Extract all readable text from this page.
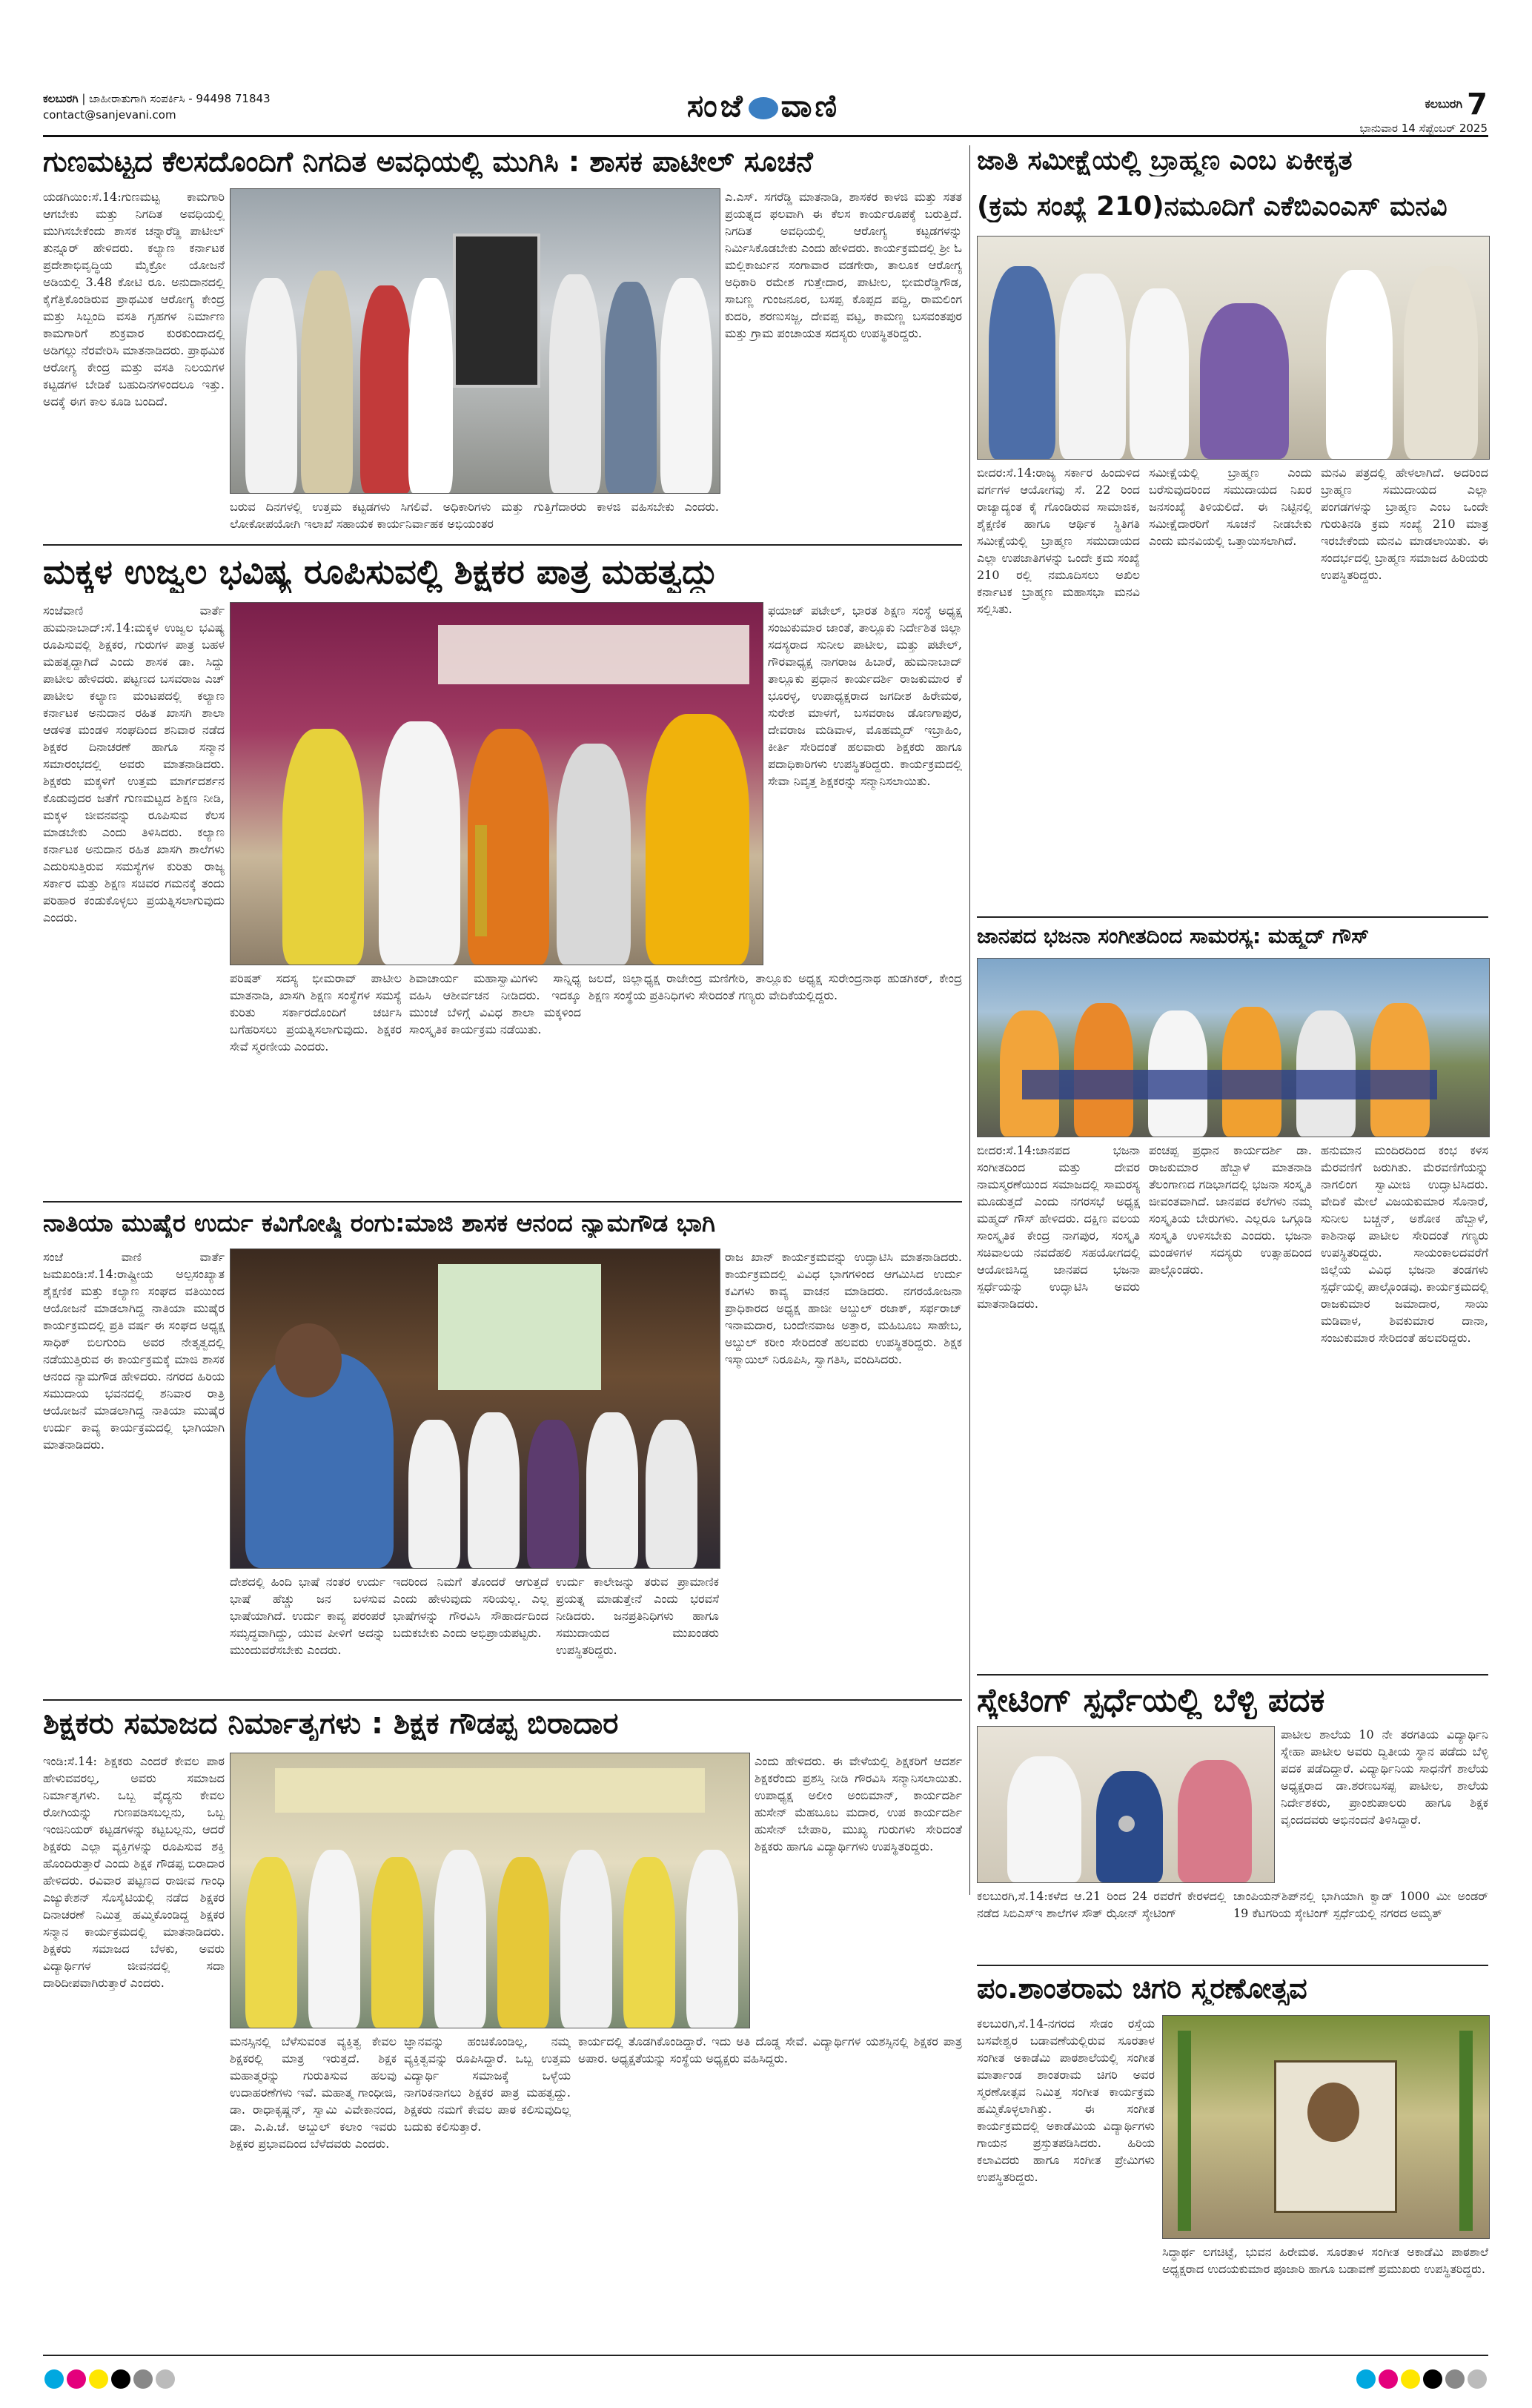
ಕಲಬುರಗಿ | ಜಾಹೀರಾತುಗಾಗಿ ಸಂಪರ್ಕಿಸಿ - 94498 71843
contact@sanjevani.com	ಸಂಜೆ ವಾಣಿ	ಕಲಬುರಗಿ 7
ಭಾನುವಾರ 14 ಸೆಪ್ಟೆಂಬರ್ 2025
ಗುಣಮಟ್ಟದ ಕೆಲಸದೊಂದಿಗೆ ನಿಗದಿತ ಅವಧಿಯಲ್ಲಿ ಮುಗಿಸಿ : ಶಾಸಕ ಪಾಟೀಲ್ ಸೂಚನೆ
ಯಡಗಿಯಿಂ:ಸೆ.14:ಗುಣಮಟ್ಟ ಕಾಮಗಾರಿ ಆಗಬೇಕು ಮತ್ತು ನಿಗದಿತ ಅವಧಿಯಲ್ಲಿ ಮುಗಿಸಬೇಕೆಂದು ಶಾಸಕ ಚನ್ನಾರೆಡ್ಡಿ ಪಾಟೀಲ್ ತುನ್ನೂರ್ ಹೇಳಿದರು. ಕಲ್ಯಾಣ ಕರ್ನಾಟಕ ಪ್ರದೇಶಾಭಿವೃದ್ಧಿಯ ಮೈಕ್ರೋ ಯೋಜನೆ ಅಡಿಯಲ್ಲಿ 3.48 ಕೋಟಿ ರೂ. ಅನುದಾನದಲ್ಲಿ ಕೈಗೆತ್ತಿಕೊಂಡಿರುವ ಪ್ರಾಥಮಿಕ ಆರೋಗ್ಯ ಕೇಂದ್ರ ಮತ್ತು ಸಿಬ್ಬಂದಿ ವಸತಿ ಗೃಹಗಳ ನಿರ್ಮಾಣ ಕಾಮಗಾರಿಗೆ ಶುಕ್ರವಾರ ಕುರಕುಂದಾದಲ್ಲಿ ಅಡಿಗಲ್ಲು ನೆರವೇರಿಸಿ ಮಾತನಾಡಿದರು. ಪ್ರಾಥಮಿಕ ಆರೋಗ್ಯ ಕೇಂದ್ರ ಮತ್ತು ವಸತಿ ನಿಲಯಗಳ ಕಟ್ಟಡಗಳ ಬೇಡಿಕೆ ಬಹುದಿನಗಳಿಂದಲೂ ಇತ್ತು. ಅದಕ್ಕೆ ಈಗ ಕಾಲ ಕೂಡಿ ಬಂದಿದೆ.
ಎ.ಎಸ್. ಸಗರೆಡ್ಡಿ ಮಾತನಾಡಿ, ಶಾಸಕರ ಕಾಳಜಿ ಮತ್ತು ಸತತ ಪ್ರಯತ್ನದ ಫಲವಾಗಿ ಈ ಕೆಲಸ ಕಾರ್ಯರೂಪಕ್ಕೆ ಬರುತ್ತಿದೆ. ನಿಗದಿತ ಅವಧಿಯಲ್ಲಿ ಆರೋಗ್ಯ ಕಟ್ಟಡಗಳನ್ನು ನಿರ್ಮಿಸಿಕೊಡಬೇಕು ಎಂದು ಹೇಳಿದರು. ಕಾರ್ಯಕ್ರಮದಲ್ಲಿ ಶ್ರೀ ಓ ಮಲ್ಲಿಕಾರ್ಜುನ ಸಂಗಾವಾರ ವಡಗೇರಾ, ತಾಲೂಕ ಆರೋಗ್ಯ ಅಧಿಕಾರಿ ರಮೇಶ ಗುತ್ತೇದಾರ, ಪಾಟೀಲ, ಭೀಮರೆಡ್ಡಿಗೌಡ, ಸಾಬಣ್ಣ ಗುಂಜನೂರ, ಬಸಪ್ಪ ಕೊಪ್ಪದ ಪದ್ದಿ, ರಾಮಲಿಂಗ ಕುದರಿ, ಶರಣುಸಜ್ಜ, ದೇವಪ್ಪ ವಟ್ಟ, ಕಾಮಣ್ಣ ಬಸವಂತಪುರ ಮತ್ತು ಗ್ರಾಮ ಪಂಚಾಯತ ಸದಸ್ಯರು ಉಪಸ್ಥಿತರಿದ್ದರು.
ಬರುವ ದಿನಗಳಲ್ಲಿ ಉತ್ತಮ ಕಟ್ಟಡಗಳು ಸಿಗಲಿವೆ. ಅಧಿಕಾರಿಗಳು ಮತ್ತು ಗುತ್ತಿಗೆದಾರರು ಕಾಳಜಿ ವಹಿಸಬೇಕು ಎಂದರು. ಲೋಕೋಪಯೋಗಿ ಇಲಾಖೆ ಸಹಾಯಕ ಕಾರ್ಯನಿರ್ವಾಹಕ ಅಭಿಯಂತರ
ಜಾತಿ ಸಮೀಕ್ಷೆಯಲ್ಲಿ ಬ್ರಾಹ್ಮಣ ಎಂಬ ಏಕೀಕೃತ
(ಕ್ರಮ ಸಂಖ್ಯೆ 210)ನಮೂದಿಗೆ ಎಕೆಬಿಎಂಎಸ್ ಮನವಿ
ಬೀದರ:ಸೆ.14:ರಾಜ್ಯ ಸರ್ಕಾರ ಹಿಂದುಳಿದ ವರ್ಗಗಳ ಆಯೋಗವು ಸೆ. 22 ರಿಂದ ರಾಜ್ಯಾದ್ಯಂತ ಕೈ ಗೊಂಡಿರುವ ಸಾಮಾಜಿಕ, ಶೈಕ್ಷಣಿಕ ಹಾಗೂ ಆರ್ಥಿಕ ಸ್ಥಿತಿಗತಿ ಸಮೀಕ್ಷೆಯಲ್ಲಿ ಬ್ರಾಹ್ಮಣ ಸಮುದಾಯದ ಎಲ್ಲಾ ಉಪಜಾತಿಗಳನ್ನು ಒಂದೇ ಕ್ರಮ ಸಂಖ್ಯೆ 210 ರಲ್ಲಿ ನಮೂದಿಸಲು ಅಖಿಲ ಕರ್ನಾಟಕ ಬ್ರಾಹ್ಮಣ ಮಹಾಸಭಾ ಮನವಿ ಸಲ್ಲಿಸಿತು.
ಸಮೀಕ್ಷೆಯಲ್ಲಿ ಬ್ರಾಹ್ಮಣ ಎಂದು ಬರೆಸುವುದರಿಂದ ಸಮುದಾಯದ ನಿಖರ ಜನಸಂಖ್ಯೆ ತಿಳಿಯಲಿದೆ. ಈ ನಿಟ್ಟಿನಲ್ಲಿ ಸಮೀಕ್ಷೆದಾರರಿಗೆ ಸೂಚನೆ ನೀಡಬೇಕು ಎಂದು ಮನವಿಯಲ್ಲಿ ಒತ್ತಾಯಿಸಲಾಗಿದೆ.
ಮನವಿ ಪತ್ರದಲ್ಲಿ ಹೇಳಲಾಗಿದೆ. ಅದರಿಂದ ಬ್ರಾಹ್ಮಣ ಸಮುದಾಯದ ಎಲ್ಲಾ ಪಂಗಡಗಳನ್ನು ಬ್ರಾಹ್ಮಣ ಎಂಬ ಒಂದೇ ಗುರುತಿನಡಿ ಕ್ರಮ ಸಂಖ್ಯೆ 210 ಮಾತ್ರ ಇರಬೇಕೆಂದು ಮನವಿ ಮಾಡಲಾಯಿತು. ಈ ಸಂದರ್ಭದಲ್ಲಿ ಬ್ರಾಹ್ಮಣ ಸಮಾಜದ ಹಿರಿಯರು ಉಪಸ್ಥಿತರಿದ್ದರು.
ಮಕ್ಕಳ ಉಜ್ವಲ ಭವಿಷ್ಯ ರೂಪಿಸುವಲ್ಲಿ ಶಿಕ್ಷಕರ ಪಾತ್ರ ಮಹತ್ವದ್ದು
ಸಂಜೆವಾಣಿ ವಾರ್ತೆ ಹುಮನಾಬಾದ್:ಸೆ.14:ಮಕ್ಕಳ ಉಜ್ವಲ ಭವಿಷ್ಯ ರೂಪಿಸುವಲ್ಲಿ ಶಿಕ್ಷಕರ, ಗುರುಗಳ ಪಾತ್ರ ಬಹಳ ಮಹತ್ವದ್ದಾಗಿದೆ ಎಂದು ಶಾಸಕ ಡಾ. ಸಿದ್ದು ಪಾಟೀಲ ಹೇಳಿದರು. ಪಟ್ಟಣದ ಬಸವರಾಜ ಎಚ್ ಪಾಟೀಲ ಕಲ್ಯಾಣ ಮಂಟಪದಲ್ಲಿ ಕಲ್ಯಾಣ ಕರ್ನಾಟಕ ಅನುದಾನ ರಹಿತ ಖಾಸಗಿ ಶಾಲಾ ಆಡಳಿತ ಮಂಡಳಿ ಸಂಘದಿಂದ ಶನಿವಾರ ನಡೆದ ಶಿಕ್ಷಕರ ದಿನಾಚರಣೆ ಹಾಗೂ ಸನ್ಮಾನ ಸಮಾರಂಭದಲ್ಲಿ ಅವರು ಮಾತನಾಡಿದರು. ಶಿಕ್ಷಕರು ಮಕ್ಕಳಿಗೆ ಉತ್ತಮ ಮಾರ್ಗದರ್ಶನ ಕೊಡುವುದರ ಜತೆಗೆ ಗುಣಮಟ್ಟದ ಶಿಕ್ಷಣ ನೀಡಿ, ಮಕ್ಕಳ ಜೀವನವನ್ನು ರೂಪಿಸುವ ಕೆಲಸ ಮಾಡಬೇಕು ಎಂದು ತಿಳಿಸಿದರು. ಕಲ್ಯಾಣ ಕರ್ನಾಟಕ ಅನುದಾನ ರಹಿತ ಖಾಸಗಿ ಶಾಲೆಗಳು ಎದುರಿಸುತ್ತಿರುವ ಸಮಸ್ಯೆಗಳ ಕುರಿತು ರಾಜ್ಯ ಸರ್ಕಾರ ಮತ್ತು ಶಿಕ್ಷಣ ಸಚಿವರ ಗಮನಕ್ಕೆ ತಂದು ಪರಿಹಾರ ಕಂಡುಕೊಳ್ಳಲು ಪ್ರಯತ್ನಿಸಲಾಗುವುದು ಎಂದರು.
ಫಯಾಜ್ ಪಟೇಲ್, ಭಾರತ ಶಿಕ್ಷಣ ಸಂಸ್ಥೆ ಅಧ್ಯಕ್ಷ ಸಂಜುಕುಮಾರ ಜಾಂತೆ, ತಾಲ್ಲೂಕು ನಿರ್ದೇಶಿತ ಜಿಲ್ಲಾ ಸದಸ್ಯರಾದ ಸುನೀಲ ಪಾಟೀಲ, ಮತ್ತು ಪಟೇಲ್, ಗೌರವಾಧ್ಯಕ್ಷ ನಾಗರಾಜ ಹಿಬಾರೆ, ಹುಮನಾಬಾದ್ ತಾಲ್ಲೂಕು ಪ್ರಧಾನ ಕಾರ್ಯದರ್ಶಿ ರಾಜಕುಮಾರ ಕೆ ಭೂರಳ್ಳ, ಉಪಾಧ್ಯಕ್ಷರಾದ ಜಗದೀಶ ಹಿರೇಮಠ, ಸುರೇಶ ಮಾಳಗೆ, ಬಸವರಾಜ ಡೊಣಗಾಪುರ, ದೇವರಾಜ ಮಡಿವಾಳ, ಮೊಹಮ್ಮದ್ ಇಬ್ರಾಹಿಂ, ಕೀರ್ತಿ ಸೇರಿದಂತೆ ಹಲವಾರು ಶಿಕ್ಷಕರು ಹಾಗೂ ಪದಾಧಿಕಾರಿಗಳು ಉಪಸ್ಥಿತರಿದ್ದರು. ಕಾರ್ಯಕ್ರಮದಲ್ಲಿ ಸೇವಾ ನಿವೃತ್ತ ಶಿಕ್ಷಕರನ್ನು ಸನ್ಮಾನಿಸಲಾಯಿತು.
ಪರಿಷತ್ ಸದಸ್ಯ ಭೀಮರಾವ್ ಪಾಟೀಲ ಮಾತನಾಡಿ, ಖಾಸಗಿ ಶಿಕ್ಷಣ ಸಂಸ್ಥೆಗಳ ಸಮಸ್ಯೆ ಕುರಿತು ಸರ್ಕಾರದೊಂದಿಗೆ ಚರ್ಚಿಸಿ ಬಗೆಹರಿಸಲು ಪ್ರಯತ್ನಿಸಲಾಗುವುದು. ಶಿಕ್ಷಕರ ಸೇವೆ ಸ್ಮರಣೀಯ ಎಂದರು.
ಶಿವಾಚಾರ್ಯ ಮಹಾಸ್ವಾಮಿಗಳು ಸಾನ್ನಿಧ್ಯ ವಹಿಸಿ ಆಶೀರ್ವಚನ ನೀಡಿದರು. ಇದಕ್ಕೂ ಮುಂಚೆ ಬೆಳಿಗ್ಗೆ ವಿವಿಧ ಶಾಲಾ ಮಕ್ಕಳಿಂದ ಸಾಂಸ್ಕೃತಿಕ ಕಾರ್ಯಕ್ರಮ ನಡೆಯಿತು.
ಜಲದೆ, ಜಿಲ್ಲಾಧ್ಯಕ್ಷ ರಾಜೇಂದ್ರ ಮಣಿಗೇರಿ, ತಾಲ್ಲೂಕು ಅಧ್ಯಕ್ಷ ಸುರೇಂದ್ರನಾಥ ಹುಡಗಿಕರ್, ಕೇಂದ್ರ ಶಿಕ್ಷಣ ಸಂಸ್ಥೆಯ ಪ್ರತಿನಿಧಿಗಳು ಸೇರಿದಂತೆ ಗಣ್ಯರು ವೇದಿಕೆಯಲ್ಲಿದ್ದರು.
ಜಾನಪದ ಭಜನಾ ಸಂಗೀತದಿಂದ ಸಾಮರಸ್ಯ: ಮಹ್ಮದ್ ಗೌಸ್
ಬೀದರ:ಸೆ.14:ಜಾನಪದ ಭಜನಾ ಸಂಗೀತದಿಂದ ಮತ್ತು ದೇವರ ನಾಮಸ್ಮರಣೆಯಿಂದ ಸಮಾಜದಲ್ಲಿ ಸಾಮರಸ್ಯ ಮೂಡುತ್ತದೆ ಎಂದು ನಗರಸಭೆ ಅಧ್ಯಕ್ಷ ಮಹ್ಮದ್ ಗೌಸ್ ಹೇಳಿದರು. ದಕ್ಷಿಣ ವಲಯ ಸಾಂಸ್ಕೃತಿಕ ಕೇಂದ್ರ ನಾಗಪುರ, ಸಂಸ್ಕೃತಿ ಸಚಿವಾಲಯ ನವದೆಹಲಿ ಸಹಯೋಗದಲ್ಲಿ ಆಯೋಜಿಸಿದ್ದ ಜಾನಪದ ಭಜನಾ ಸ್ಪರ್ಧೆಯನ್ನು ಉದ್ಘಾಟಿಸಿ ಅವರು ಮಾತನಾಡಿದರು.
ಪಂಚಪ್ಪ ಪ್ರಧಾನ ಕಾರ್ಯದರ್ಶಿ ಡಾ. ರಾಜಕುಮಾರ ಹೆಬ್ಬಾಳೆ ಮಾತನಾಡಿ ತೆಲಂಗಾಣದ ಗಡಿಭಾಗದಲ್ಲಿ ಭಜನಾ ಸಂಸ್ಕೃತಿ ಜೀವಂತವಾಗಿದೆ. ಜಾನಪದ ಕಲೆಗಳು ನಮ್ಮ ಸಂಸ್ಕೃತಿಯ ಬೇರುಗಳು. ಎಲ್ಲರೂ ಒಗ್ಗೂಡಿ ಸಂಸ್ಕೃತಿ ಉಳಿಸಬೇಕು ಎಂದರು. ಭಜನಾ ಮಂಡಳಿಗಳ ಸದಸ್ಯರು ಉತ್ಸಾಹದಿಂದ ಪಾಲ್ಗೊಂಡರು.
ಹನುಮಾನ ಮಂದಿರದಿಂದ ಕಂಭ ಕಳಸ ಮೆರವಣಿಗೆ ಜರುಗಿತು. ಮೆರವಣಿಗೆಯನ್ನು ನಾಗಲಿಂಗ ಸ್ವಾಮೀಜಿ ಉದ್ಘಾಟಿಸಿದರು. ವೇದಿಕೆ ಮೇಲೆ ವಿಜಯಕುಮಾರ ಸೊನಾರೆ, ಸುನೀಲ ಬಚ್ಚನ್, ಅಶೋಕ ಹೆಬ್ಬಾಳೆ, ಕಾಶಿನಾಥ ಪಾಟೀಲ ಸೇರಿದಂತೆ ಗಣ್ಯರು ಉಪಸ್ಥಿತರಿದ್ದರು. ಸಾಯಂಕಾಲದವರೆಗೆ ಜಿಲ್ಲೆಯ ವಿವಿಧ ಭಜನಾ ತಂಡಗಳು ಸ್ಪರ್ಧೆಯಲ್ಲಿ ಪಾಲ್ಗೊಂಡವು. ಕಾರ್ಯಕ್ರಮದಲ್ಲಿ ರಾಜಕುಮಾರ ಜಮಾದಾರ, ಸಾಯಿ ಮಡಿವಾಳ, ಶಿವಕುಮಾರ ದಾನಾ, ಸಂಜುಕುಮಾರ ಸೇರಿದಂತೆ ಹಲವರಿದ್ದರು.
ನಾತಿಯಾ ಮುಷೈರ ಉರ್ದು ಕವಿಗೋಷ್ಠಿ ರಂಗು:ಮಾಜಿ ಶಾಸಕ ಆನಂದ ನ್ಯಾಮಗೌಡ ಭಾಗಿ
ಸಂಜೆ ವಾಣಿ ವಾರ್ತೆ ಜಮಖಂಡಿ:ಸೆ.14:ರಾಷ್ಟ್ರೀಯ ಅಲ್ಪಸಂಖ್ಯಾತ ಶೈಕ್ಷಣಿಕ ಮತ್ತು ಕಲ್ಯಾಣ ಸಂಘದ ವತಿಯಿಂದ ಆಯೋಜನೆ ಮಾಡಲಾಗಿದ್ದ ನಾತಿಯಾ ಮುಷೈರ ಕಾರ್ಯಕ್ರಮದಲ್ಲಿ ಪ್ರತಿ ವರ್ಷ ಈ ಸಂಘದ ಅಧ್ಯಕ್ಷ ಸಾಧಿಕ್ ಬಿಲಗುಂದಿ ಅವರ ನೇತೃತ್ವದಲ್ಲಿ ನಡೆಯುತ್ತಿರುವ ಈ ಕಾರ್ಯಕ್ರಮಕ್ಕೆ ಮಾಜಿ ಶಾಸಕ ಆನಂದ ನ್ಯಾಮಗೌಡ ಹೇಳಿದರು. ನಗರದ ಹಿರಿಯ ಸಮುದಾಯ ಭವನದಲ್ಲಿ ಶನಿವಾರ ರಾತ್ರಿ ಆಯೋಜನೆ ಮಾಡಲಾಗಿದ್ದ ನಾತಿಯಾ ಮುಷೈರ ಉರ್ದು ಕಾವ್ಯ ಕಾರ್ಯಕ್ರಮದಲ್ಲಿ ಭಾಗಿಯಾಗಿ ಮಾತನಾಡಿದರು.
ರಾಜ ಖಾನ್ ಕಾರ್ಯಕ್ರಮವನ್ನು ಉದ್ಘಾಟಿಸಿ ಮಾತನಾಡಿದರು. ಕಾರ್ಯಕ್ರಮದಲ್ಲಿ ವಿವಿಧ ಭಾಗಗಳಿಂದ ಆಗಮಿಸಿದ ಉರ್ದು ಕವಿಗಳು ಕಾವ್ಯ ವಾಚನ ಮಾಡಿದರು. ನಗರಯೋಜನಾ ಪ್ರಾಧಿಕಾರದ ಅಧ್ಯಕ್ಷ ಹಾಜೀ ಅಬ್ದುಲ್ ರಜಾಕ್, ಸರ್ಫರಾಜ್ ಇನಾಮದಾರ, ಬಂದೇನವಾಜ ಅತ್ತಾರ, ಮಹಿಬೂಬ ಸಾಹೇಬ, ಅಬ್ದುಲ್ ಕರೀಂ ಸೇರಿದಂತೆ ಹಲವರು ಉಪಸ್ಥಿತರಿದ್ದರು. ಶಿಕ್ಷಕ ಇಸ್ಮಾಯಿಲ್ ನಿರೂಪಿಸಿ, ಸ್ವಾಗತಿಸಿ, ವಂದಿಸಿದರು.
ದೇಶದಲ್ಲಿ ಹಿಂದಿ ಭಾಷೆ ನಂತರ ಉರ್ದು ಭಾಷೆ ಹೆಚ್ಚು ಜನ ಬಳಸುವ ಭಾಷೆಯಾಗಿದೆ. ಉರ್ದು ಕಾವ್ಯ ಪರಂಪರೆ ಸಮೃದ್ಧವಾಗಿದ್ದು, ಯುವ ಪೀಳಿಗೆ ಅದನ್ನು ಮುಂದುವರೆಸಬೇಕು ಎಂದರು.
ಇದರಿಂದ ನಿಮಗೆ ತೊಂದರೆ ಆಗುತ್ತದೆ ಎಂದು ಹೇಳುವುದು ಸರಿಯಲ್ಲ. ಎಲ್ಲ ಭಾಷೆಗಳನ್ನು ಗೌರವಿಸಿ ಸೌಹಾರ್ದದಿಂದ ಬದುಕಬೇಕು ಎಂದು ಅಭಿಪ್ರಾಯಪಟ್ಟರು.
ಉರ್ದು ಕಾಲೇಜನ್ನು ತರುವ ಪ್ರಾಮಾಣಿಕ ಪ್ರಯತ್ನ ಮಾಡುತ್ತೇನೆ ಎಂದು ಭರವಸೆ ನೀಡಿದರು. ಜನಪ್ರತಿನಿಧಿಗಳು ಹಾಗೂ ಸಮುದಾಯದ ಮುಖಂಡರು ಉಪಸ್ಥಿತರಿದ್ದರು.
ಸ್ಕೇಟಿಂಗ್ ಸ್ಪರ್ಧೆಯಲ್ಲಿ ಬೆಳ್ಳಿ ಪದಕ
ಪಾಟೀಲ ಶಾಲೆಯ 10 ನೇ ತರಗತಿಯ ವಿದ್ಯಾರ್ಥಿನಿ ಸ್ನೇಹಾ ಪಾಟೀಲ ಅವರು ದ್ವಿತೀಯ ಸ್ಥಾನ ಪಡೆದು ಬೆಳ್ಳಿ ಪದಕ ಪಡೆದಿದ್ದಾರೆ. ವಿದ್ಯಾರ್ಥಿನಿಯ ಸಾಧನೆಗೆ ಶಾಲೆಯ ಅಧ್ಯಕ್ಷರಾದ ಡಾ.ಶರಣಬಸಪ್ಪ ಪಾಟೀಲ, ಶಾಲೆಯ ನಿರ್ದೇಶಕರು, ಪ್ರಾಂಶುಪಾಲರು ಹಾಗೂ ಶಿಕ್ಷಕ ವೃಂದದವರು ಅಭಿನಂದನೆ ತಿಳಿಸಿದ್ದಾರೆ.
ಕಲಬುರಗಿ,ಸೆ.14:ಕಳೆದ ಆ.21 ರಿಂದ 24 ರವರೆಗೆ ಕೇರಳದಲ್ಲಿ ನಡೆದ ಸಿಬಿಎಸ್‌ಇ ಶಾಲೆಗಳ ಸೌತ್ ಝೋನ್ ಸ್ಕೇಟಿಂಗ್
ಚಾಂಪಿಯನ್‌ಶಿಪ್‌ನಲ್ಲಿ ಭಾಗಿಯಾಗಿ ಕ್ವಾಡ್ 1000 ಮೀ ಅಂಡರ್ 19 ಕೆಟಗರಿಯ ಸ್ಕೇಟಿಂಗ್ ಸ್ಪರ್ಧೆಯಲ್ಲಿ ನಗರದ ಅಮೃತ್
ಶಿಕ್ಷಕರು ಸಮಾಜದ ನಿರ್ಮಾತೃಗಳು : ಶಿಕ್ಷಕ ಗೌಡಪ್ಪ ಬಿರಾದಾರ
ಇಂಡಿ:ಸೆ.14: ಶಿಕ್ಷಕರು ಎಂದರೆ ಕೇವಲ ಪಾಠ ಹೇಳುವವರಲ್ಲ, ಅವರು ಸಮಾಜದ ನಿರ್ಮಾತೃಗಳು. ಒಬ್ಬ ವೈದ್ಯನು ಕೇವಲ ರೋಗಿಯನ್ನು ಗುಣಪಡಿಸಬಲ್ಲನು, ಒಬ್ಬ ಇಂಜಿನಿಯರ್ ಕಟ್ಟಡಗಳನ್ನು ಕಟ್ಟಬಲ್ಲನು, ಆದರೆ ಶಿಕ್ಷಕರು ಎಲ್ಲಾ ವ್ಯಕ್ತಿಗಳನ್ನು ರೂಪಿಸುವ ಶಕ್ತಿ ಹೊಂದಿರುತ್ತಾರೆ ಎಂದು ಶಿಕ್ಷಕ ಗೌಡಪ್ಪ ಬಿರಾದಾರ ಹೇಳಿದರು. ರವಿವಾರ ಪಟ್ಟಣದ ರಾಜೀವ ಗಾಂಧಿ ಎಜ್ಯುಕೇಶನ್ ಸೊಸೈಟಿಯಲ್ಲಿ ನಡೆದ ಶಿಕ್ಷಕರ ದಿನಾಚರಣೆ ನಿಮಿತ್ತ ಹಮ್ಮಿಕೊಂಡಿದ್ದ ಶಿಕ್ಷಕರ ಸನ್ಮಾನ ಕಾರ್ಯಕ್ರಮದಲ್ಲಿ ಮಾತನಾಡಿದರು. ಶಿಕ್ಷಕರು ಸಮಾಜದ ಬೆಳಕು, ಅವರು ವಿದ್ಯಾರ್ಥಿಗಳ ಜೀವನದಲ್ಲಿ ಸದಾ ದಾರಿದೀಪವಾಗಿರುತ್ತಾರೆ ಎಂದರು.
ಎಂದು ಹೇಳಿದರು. ಈ ವೇಳೆಯಲ್ಲಿ ಶಿಕ್ಷಕರಿಗೆ ಆದರ್ಶ ಶಿಕ್ಷಕರೆಂದು ಪ್ರಶಸ್ತಿ ನೀಡಿ ಗೌರವಿಸಿ ಸನ್ಮಾನಿಸಲಾಯಿತು. ಉಪಾಧ್ಯಕ್ಷ ಅಲೀಂ ಅಂಬಿಮಾನ್, ಕಾರ್ಯದರ್ಶಿ ಹುಸೇನ್ ಮೆಹಬೂಬ ಮದಾರ, ಉಪ ಕಾರ್ಯದರ್ಶಿ ಹುಸೇನ್ ಬೇಪಾರಿ, ಮುಖ್ಯ ಗುರುಗಳು ಸೇರಿದಂತೆ ಶಿಕ್ಷಕರು ಹಾಗೂ ವಿದ್ಯಾರ್ಥಿಗಳು ಉಪಸ್ಥಿತರಿದ್ದರು.
ಮನಸ್ಸಿನಲ್ಲಿ ಬೆಳೆಸುವಂತ ವ್ಯಕ್ತಿತ್ವ ಕೇವಲ ಶಿಕ್ಷಕರಲ್ಲಿ ಮಾತ್ರ ಇರುತ್ತದೆ. ಶಿಕ್ಷಕ ಮಹಾತ್ಮರನ್ನು ಗುರುತಿಸುವ ಹಲವು ಉದಾಹರಣೆಗಳು ಇವೆ. ಮಹಾತ್ಮ ಗಾಂಧೀಜಿ, ಡಾ. ರಾಧಾಕೃಷ್ಣನ್, ಸ್ವಾಮಿ ವಿವೇಕಾನಂದ, ಡಾ. ಎ.ಪಿ.ಜೆ. ಅಬ್ದುಲ್ ಕಲಾಂ ಇವರು ಶಿಕ್ಷಕರ ಪ್ರಭಾವದಿಂದ ಬೆಳೆದವರು ಎಂದರು.
ಜ್ಞಾನವನ್ನು ಹಂಚಿಕೊಂಡಿಲ್ಲ, ನಮ್ಮ ವ್ಯಕ್ತಿತ್ವವನ್ನು ರೂಪಿಸಿದ್ದಾರೆ. ಒಬ್ಬ ಉತ್ತಮ ವಿದ್ಯಾರ್ಥಿ ಸಮಾಜಕ್ಕೆ ಒಳ್ಳೆಯ ನಾಗರಿಕನಾಗಲು ಶಿಕ್ಷಕರ ಪಾತ್ರ ಮಹತ್ವದ್ದು. ಶಿಕ್ಷಕರು ನಮಗೆ ಕೇವಲ ಪಾಠ ಕಲಿಸುವುದಿಲ್ಲ ಬದುಕು ಕಲಿಸುತ್ತಾರೆ.
ಕಾರ್ಯದಲ್ಲಿ ತೊಡಗಿಕೊಂಡಿದ್ದಾರೆ. ಇದು ಅತಿ ದೊಡ್ಡ ಸೇವೆ. ವಿದ್ಯಾರ್ಥಿಗಳ ಯಶಸ್ಸಿನಲ್ಲಿ ಶಿಕ್ಷಕರ ಪಾತ್ರ ಅಪಾರ. ಅಧ್ಯಕ್ಷತೆಯನ್ನು ಸಂಸ್ಥೆಯ ಅಧ್ಯಕ್ಷರು ವಹಿಸಿದ್ದರು.
ಪಂ.ಶಾಂತರಾಮ ಚಿಗರಿ ಸ್ಮರಣೋತ್ಸವ
ಕಲಬುರಗಿ,ಸೆ.14-ನಗರದ ಸೇಡಂ ರಸ್ತೆಯ ಬಸವೇಶ್ವರ ಬಡಾವಣೆಯಲ್ಲಿರುವ ಸೂರತಾಳ ಸಂಗೀತ ಅಕಾಡೆಮಿ ಪಾಠಶಾಲೆಯಲ್ಲಿ ಸಂಗೀತ ಮಾರ್ತಾಂಡ ಶಾಂತರಾಮ ಚಿಗರಿ ಅವರ ಸ್ಮರಣೋತ್ಸವ ನಿಮಿತ್ತ ಸಂಗೀತ ಕಾರ್ಯಕ್ರಮ ಹಮ್ಮಿಕೊಳ್ಳಲಾಗಿತ್ತು. ಈ ಸಂಗೀತ ಕಾರ್ಯಕ್ರಮದಲ್ಲಿ ಅಕಾಡೆಮಿಯ ವಿದ್ಯಾರ್ಥಿಗಳು ಗಾಯನ ಪ್ರಸ್ತುತಪಡಿಸಿದರು. ಹಿರಿಯ ಕಲಾವಿದರು ಹಾಗೂ ಸಂಗೀತ ಪ್ರೇಮಿಗಳು ಉಪಸ್ಥಿತರಿದ್ದರು.
ಸಿದ್ಧಾರ್ಥ ಲಗಚಿಟ್ಟೆ, ಭುವನ ಹಿರೇಮಠ. ಸೂರತಾಳ ಸಂಗೀತ ಅಕಾಡೆಮಿ ಪಾಠಶಾಲೆ ಅಧ್ಯಕ್ಷರಾದ ಉದಯಕುಮಾರ ಪೂಜಾರಿ ಹಾಗೂ ಬಡಾವಣೆ ಪ್ರಮುಖರು ಉಪಸ್ಥಿತರಿದ್ದರು.
